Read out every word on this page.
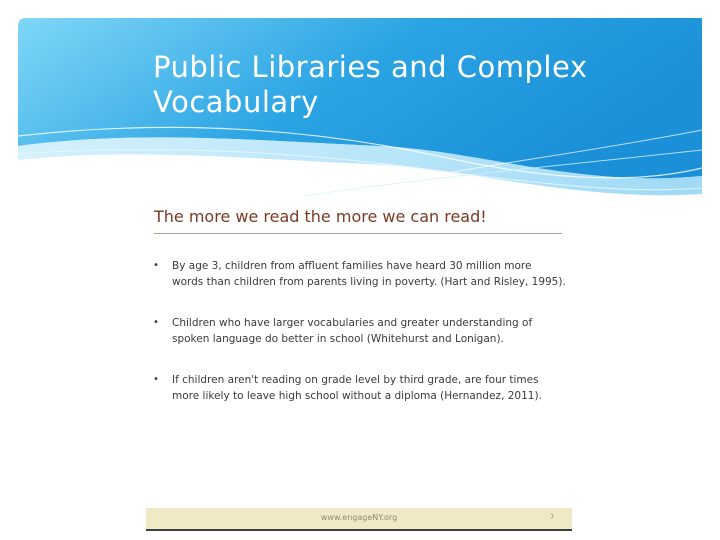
Public Libraries and Complex Vocabulary
The more we read the more we can read!
• By age 3, children from affluent families have heard 30 million more words than children from parents living in poverty. (Hart and Risley, 1995).
• Children who have larger vocabularies and greater understanding of spoken language do better in school (Whitehurst and Lonigan).
• If children aren't reading on grade level by third grade, are four times more likely to leave high school without a diploma (Hernandez, 2011).
www.engageNY.org	7
